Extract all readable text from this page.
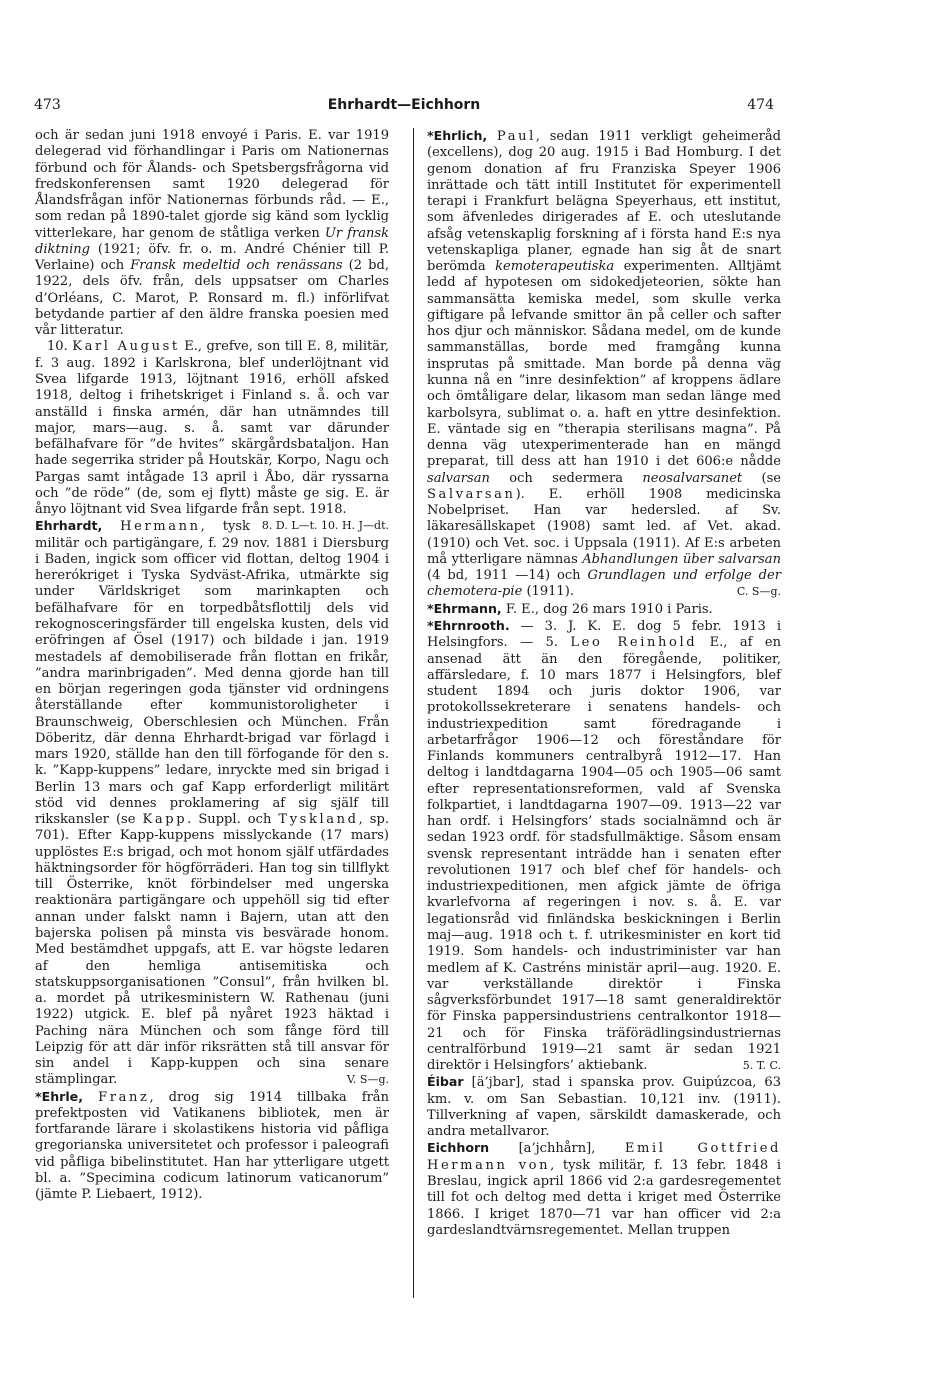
473	Ehrhardt—Eichhorn	474

och är sedan juni 1918 envoyé i Paris. E. var 1919 delegerad vid förhandlingar i Paris om Nationernas förbund och för Ålands- och Spetsbergsfrågorna vid fredskonferensen samt 1920 delegerad för Ålandsfrågan inför Nationernas förbunds råd. — E., som redan på 1890-talet gjorde sig känd som lycklig vitterlekare, har genom de ståtliga verken Ur fransk diktning (1921; öfv. fr. o. m. André Chénier till P. Verlaine) och Fransk medeltid och renässans (2 bd, 1922, dels öfv. från, dels uppsatser om Charles d’Orléans, C. Marot, P. Ronsard m. fl.) införlifvat betydande partier af den äldre franska poesien med vår litteratur.

10. Karl August E., grefve, son till E. 8, militär, f. 3 aug. 1892 i Karlskrona, blef underlöjtnant vid Svea lifgarde 1913, löjtnant 1916, erhöll afsked 1918, deltog i frihetskriget i Finland s. å. och var anställd i finska armén, där han utnämndes till major, mars—aug. s. å. samt var därunder befälhafvare för ”de hvites” skärgårdsbataljon. Han hade segerrika strider på Houtskär, Korpo, Nagu och Pargas samt intågade 13 april i Åbo, där ryssarna och ”de röde” (de, som ej flytt) måste ge sig. E. är ånyo löjtnant vid Svea lifgarde från sept. 1918.
8. D. L—t. 10. H. J—dt.

Ehrhardt, Hermann, tysk militär och partigängare, f. 29 nov. 1881 i Diersburg i Baden, ingick som officer vid flottan, deltog 1904 i hererókriget i Tyska Sydväst-Afrika, utmärkte sig under Världskriget som marinkapten och befälhafvare för en torpedbåtsflottilj dels vid rekognosceringsfärder till engelska kusten, dels vid eröfringen af Ösel (1917) och bildade i jan. 1919 mestadels af demobiliserade från flottan en frikår, ”andra marinbrigaden”. Med denna gjorde han till en början regeringen goda tjänster vid ordningens återställande efter kommunistoroligheter i Braunschweig, Oberschlesien och München. Från Döberitz, där denna Ehrhardt-brigad var förlagd i mars 1920, ställde han den till förfogande för den s. k. ”Kapp-kuppens” ledare, inryckte med sin brigad i Berlin 13 mars och gaf Kapp erforderligt militärt stöd vid dennes proklamering af sig själf till rikskansler (se Kapp. Suppl. och Tyskland, sp. 701). Efter Kapp-kuppens misslyckande (17 mars) upplöstes E:s brigad, och mot honom själf utfärdades häktningsorder för högförräderi. Han tog sin tillflykt till Österrike, knöt förbindelser med ungerska reaktionära partigängare och uppehöll sig tid efter annan under falskt namn i Bajern, utan att den bajerska polisen på minsta vis besvärade honom. Med bestämdhet uppgafs, att E. var högste ledaren af den hemliga antisemitiska och statskuppsorganisationen ”Consul”, från hvilken bl. a. mordet på utrikesministern W. Rathenau (juni 1922) utgick. E. blef på nyåret 1923 häktad i Paching nära München och som fånge förd till Leipzig för att där inför riksrätten stå till ansvar för sin andel i Kapp-kuppen och sina senare stämplingar.	V. S—g.

*Ehrle, Franz, drog sig 1914 tillbaka från prefektposten vid Vatikanens bibliotek, men är fortfarande lärare i skolastikens historia vid påfliga gregorianska universitetet och professor i paleografi vid påfliga bibelinstitutet. Han har ytterligare utgett bl. a. ”Specimina codicum latinorum vaticanorum” (jämte P. Liebaert, 1912).

*Ehrlich, Paul, sedan 1911 verkligt geheimeråd (excellens), dog 20 aug. 1915 i Bad Homburg. I det genom donation af fru Franziska Speyer 1906 inrättade och tätt intill Institutet för experimentell terapi i Frankfurt belägna Speyerhaus, ett institut, som äfvenledes dirigerades af E. och uteslutande afsåg vetenskaplig forskning af i första hand E:s nya vetenskapliga planer, egnade han sig åt de snart berömda kemoterapeutiska experimenten. Alltjämt ledd af hypotesen om sidokedjeteorien, sökte han sammansätta kemiska medel, som skulle verka giftigare på lefvande smittor än på celler och safter hos djur och människor. Sådana medel, om de kunde sammanställas, borde med framgång kunna insprutas på smittade. Man borde på denna väg kunna nå en ”inre desinfektion” af kroppens ädlare och ömtåligare delar, likasom man sedan länge med karbolsyra, sublimat o. a. haft en yttre desinfektion. E. väntade sig en ”therapia sterilisans magna”. På denna väg utexperimenterade han en mängd preparat, till dess att han 1910 i det 606:e nådde salvarsan och sedermera neosalvarsanet (se Salvarsan). E. erhöll 1908 medicinska Nobelpriset. Han var hedersled. af Sv. läkaresällskapet (1908) samt led. af Vet. akad. (1910) och Vet. soc. i Uppsala (1911). Af E:s arbeten må ytterligare nämnas Abhandlungen über salvarsan (4 bd, 1911 —14) och Grundlagen und erfolge der chemotera-pie (1911).	C. S—g.

*Ehrmann, F. E., dog 26 mars 1910 i Paris.

*Ehrnrooth. — 3. J. K. E. dog 5 febr. 1913 i Helsingfors. — 5. Leo Reinhold E., af en ansenad ätt än den föregående, politiker, affärsledare, f. 10 mars 1877 i Helsingfors, blef student 1894 och juris doktor 1906, var protokollssekreterare i senatens handels- och industriexpedition samt föredragande i arbetarfrågor 1906—12 och föreståndare för Finlands kommuners centralbyrå 1912—17. Han deltog i landtdagarna 1904—05 och 1905—06 samt efter representationsreformen, vald af Svenska folkpartiet, i landtdagarna 1907—09. 1913—22 var han ordf. i Helsingfors’ stads socialnämnd och är sedan 1923 ordf. för stadsfullmäktige. Såsom ensam svensk representant inträdde han i senaten efter revolutionen 1917 och blef chef för handels- och industriexpeditionen, men afgick jämte de öfriga kvarlefvorna af regeringen i nov. s. å. E. var legationsråd vid finländska beskickningen i Berlin maj—aug. 1918 och t. f. utrikesminister en kort tid 1919. Som handels- och industriminister var han medlem af K. Castréns ministär april—aug. 1920. E. var verkställande direktör i Finska sågverksförbundet 1917—18 samt generaldirektör för Finska pappersindustriens centralkontor 1918—21 och för Finska träförädlingsindustriernas centralförbund 1919—21 samt är sedan 1921 direktör i Helsingfors’ aktiebank.	5. T. C.

Éibar [ä’jbar], stad i spanska prov. Guipúzcoa, 63 km. v. om San Sebastian. 10,121 inv. (1911). Tillverkning af vapen, särskildt damaskerade, och andra metallvaror.

Eichhorn [a’jchhårn], Emil Gottfried Hermann von, tysk militär, f. 13 febr. 1848 i Breslau, ingick april 1866 vid 2:a gardesregementet till fot och deltog med detta i kriget med Österrike 1866. I kriget 1870—71 var han officer vid 2:a gardeslandtvärnsregementet. Mellan truppen
